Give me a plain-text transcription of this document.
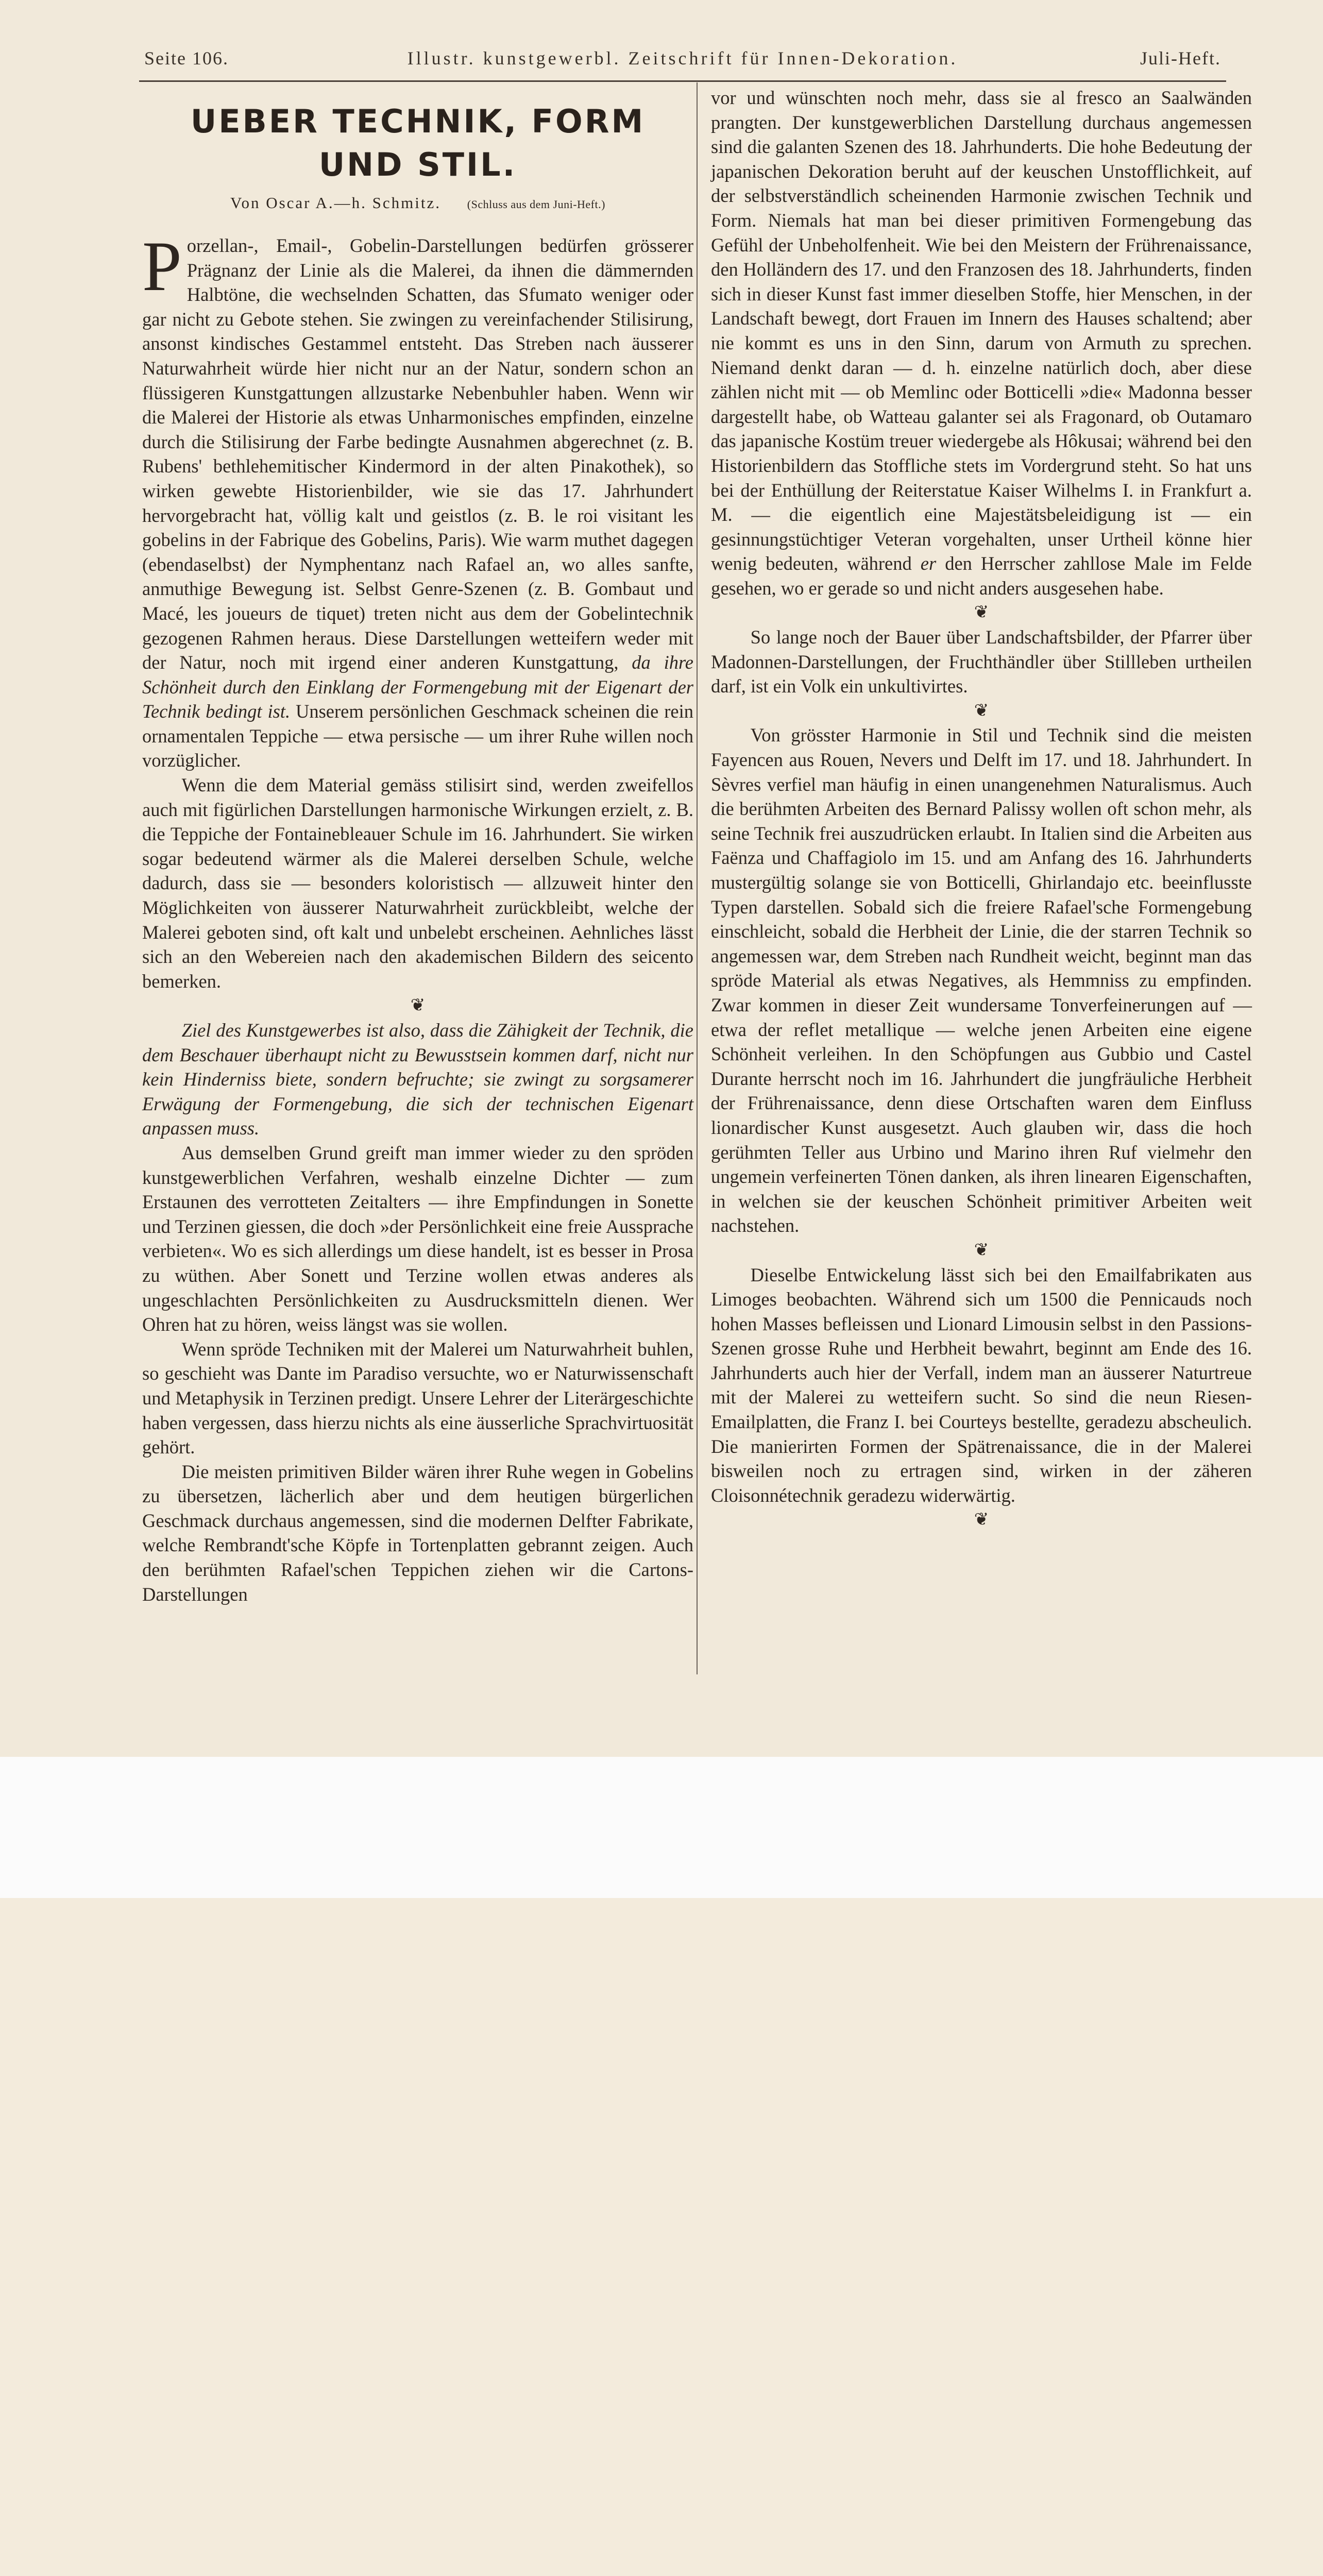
Seite 106.	Illustr. kunstgewerbl. Zeitschrift für Innen-Dekoration.	Juli-Heft.
UEBER TECHNIK, FORM UND STIL.
Von Oscar A.—h. Schmitz. (Schluss aus dem Juni-Heft.)

Porzellan-, Email-, Gobelin-Darstellungen bedürfen grösserer Prägnanz der Linie als die Malerei, da ihnen die dämmernden Halbtöne, die wechselnden Schatten, das Sfumato weniger oder gar nicht zu Gebote stehen. Sie zwingen zu vereinfachender Stilisirung, ansonst kindisches Gestammel entsteht. Das Streben nach äusserer Naturwahrheit würde hier nicht nur an der Natur, sondern schon an flüssigeren Kunstgattungen allzustarke Nebenbuhler haben. Wenn wir die Malerei der Historie als etwas Unharmonisches empfinden, einzelne durch die Stilisirung der Farbe bedingte Ausnahmen abgerechnet (z. B. Rubens' bethlehemitischer Kindermord in der alten Pinakothek), so wirken gewebte Historienbilder, wie sie das 17. Jahrhundert hervorgebracht hat, völlig kalt und geistlos (z. B. le roi visitant les gobelins in der Fabrique des Gobelins, Paris). Wie warm muthet dagegen (ebendaselbst) der Nymphentanz nach Rafael an, wo alles sanfte, anmuthige Bewegung ist. Selbst Genre-Szenen (z. B. Gombaut und Macé, les joueurs de tiquet) treten nicht aus dem der Gobelintechnik gezogenen Rahmen heraus. Diese Darstellungen wetteifern weder mit der Natur, noch mit irgend einer anderen Kunstgattung, da ihre Schönheit durch den Einklang der Formengebung mit der Eigenart der Technik bedingt ist. Unserem persönlichen Geschmack scheinen die rein ornamentalen Teppiche — etwa persische — um ihrer Ruhe willen noch vorzüglicher.

Wenn die dem Material gemäss stilisirt sind, werden zweifellos auch mit figürlichen Darstellungen harmonische Wirkungen erzielt, z. B. die Teppiche der Fontainebleauer Schule im 16. Jahrhundert. Sie wirken sogar bedeutend wärmer als die Malerei derselben Schule, welche dadurch, dass sie — besonders koloristisch — allzuweit hinter den Möglichkeiten von äusserer Naturwahrheit zurückbleibt, welche der Malerei geboten sind, oft kalt und unbelebt erscheinen. Aehnliches lässt sich an den Webereien nach den akademischen Bildern des seicento bemerken.

❦

Ziel des Kunstgewerbes ist also, dass die Zähigkeit der Technik, die dem Beschauer überhaupt nicht zu Bewusstsein kommen darf, nicht nur kein Hinderniss biete, sondern befruchte; sie zwingt zu sorgsamerer Erwägung der Formengebung, die sich der technischen Eigenart anpassen muss.

Aus demselben Grund greift man immer wieder zu den spröden kunstgewerblichen Verfahren, weshalb einzelne Dichter — zum Erstaunen des verrotteten Zeitalters — ihre Empfindungen in Sonette und Terzinen giessen, die doch »der Persönlichkeit eine freie Aussprache verbieten«. Wo es sich allerdings um diese handelt, ist es besser in Prosa zu wüthen. Aber Sonett und Terzine wollen etwas anderes als ungeschlachten Persönlichkeiten zu Ausdrucksmitteln dienen. Wer Ohren hat zu hören, weiss längst was sie wollen.

Wenn spröde Techniken mit der Malerei um Naturwahrheit buhlen, so geschieht was Dante im Paradiso versuchte, wo er Naturwissenschaft und Metaphysik in Terzinen predigt. Unsere Lehrer der Literärgeschichte haben vergessen, dass hierzu nichts als eine äusserliche Sprachvirtuosität gehört.

Die meisten primitiven Bilder wären ihrer Ruhe wegen in Gobelins zu übersetzen, lächerlich aber und dem heutigen bürgerlichen Geschmack durchaus angemessen, sind die modernen Delfter Fabrikate, welche Rembrandt'sche Köpfe in Tortenplatten gebrannt zeigen. Auch den berühmten Rafael'schen Teppichen ziehen wir die Cartons-Darstellungen

vor und wünschten noch mehr, dass sie al fresco an Saalwänden prangten. Der kunstgewerblichen Darstellung durchaus angemessen sind die galanten Szenen des 18. Jahrhunderts. Die hohe Bedeutung der japanischen Dekoration beruht auf der keuschen Unstofflichkeit, auf der selbstverständlich scheinenden Harmonie zwischen Technik und Form. Niemals hat man bei dieser primitiven Formengebung das Gefühl der Unbeholfenheit. Wie bei den Meistern der Frührenaissance, den Holländern des 17. und den Franzosen des 18. Jahrhunderts, finden sich in dieser Kunst fast immer dieselben Stoffe, hier Menschen, in der Landschaft bewegt, dort Frauen im Innern des Hauses schaltend; aber nie kommt es uns in den Sinn, darum von Armuth zu sprechen. Niemand denkt daran — d. h. einzelne natürlich doch, aber diese zählen nicht mit — ob Memlinc oder Botticelli »die« Madonna besser dargestellt habe, ob Watteau galanter sei als Fragonard, ob Outamaro das japanische Kostüm treuer wiedergebe als Hôkusai; während bei den Historienbildern das Stoffliche stets im Vordergrund steht. So hat uns bei der Enthüllung der Reiterstatue Kaiser Wilhelms I. in Frankfurt a. M. — die eigentlich eine Majestätsbeleidigung ist — ein gesinnungstüchtiger Veteran vorgehalten, unser Urtheil könne hier wenig bedeuten, während er den Herrscher zahllose Male im Felde gesehen, wo er gerade so und nicht anders ausgesehen habe.

❦

So lange noch der Bauer über Landschaftsbilder, der Pfarrer über Madonnen-Darstellungen, der Fruchthändler über Stillleben urtheilen darf, ist ein Volk ein unkultivirtes.

❦

Von grösster Harmonie in Stil und Technik sind die meisten Fayencen aus Rouen, Nevers und Delft im 17. und 18. Jahrhundert. In Sèvres verfiel man häufig in einen unangenehmen Naturalismus. Auch die berühmten Arbeiten des Bernard Palissy wollen oft schon mehr, als seine Technik frei auszudrücken erlaubt. In Italien sind die Arbeiten aus Faënza und Chaffagiolo im 15. und am Anfang des 16. Jahrhunderts mustergültig solange sie von Botticelli, Ghirlandajo etc. beeinflusste Typen darstellen. Sobald sich die freiere Rafael'sche Formengebung einschleicht, sobald die Herbheit der Linie, die der starren Technik so angemessen war, dem Streben nach Rundheit weicht, beginnt man das spröde Material als etwas Negatives, als Hemmniss zu empfinden. Zwar kommen in dieser Zeit wundersame Tonverfeinerungen auf — etwa der reflet metallique — welche jenen Arbeiten eine eigene Schönheit verleihen. In den Schöpfungen aus Gubbio und Castel Durante herrscht noch im 16. Jahrhundert die jungfräuliche Herbheit der Frührenaissance, denn diese Ortschaften waren dem Einfluss lionardischer Kunst ausgesetzt. Auch glauben wir, dass die hoch gerühmten Teller aus Urbino und Marino ihren Ruf vielmehr den ungemein verfeinerten Tönen danken, als ihren linearen Eigenschaften, in welchen sie der keuschen Schönheit primitiver Arbeiten weit nachstehen.

❦

Dieselbe Entwickelung lässt sich bei den Emailfabrikaten aus Limoges beobachten. Während sich um 1500 die Pennicauds noch hohen Masses befleissen und Lionard Limousin selbst in den Passions-Szenen grosse Ruhe und Herbheit bewahrt, beginnt am Ende des 16. Jahrhunderts auch hier der Verfall, indem man an äusserer Naturtreue mit der Malerei zu wetteifern sucht. So sind die neun Riesen-Emailplatten, die Franz I. bei Courteys bestellte, geradezu abscheulich. Die manierirten Formen der Spätrenaissance, die in der Malerei bisweilen noch zu ertragen sind, wirken in der zäheren Cloisonnétechnik geradezu widerwärtig.

❦
